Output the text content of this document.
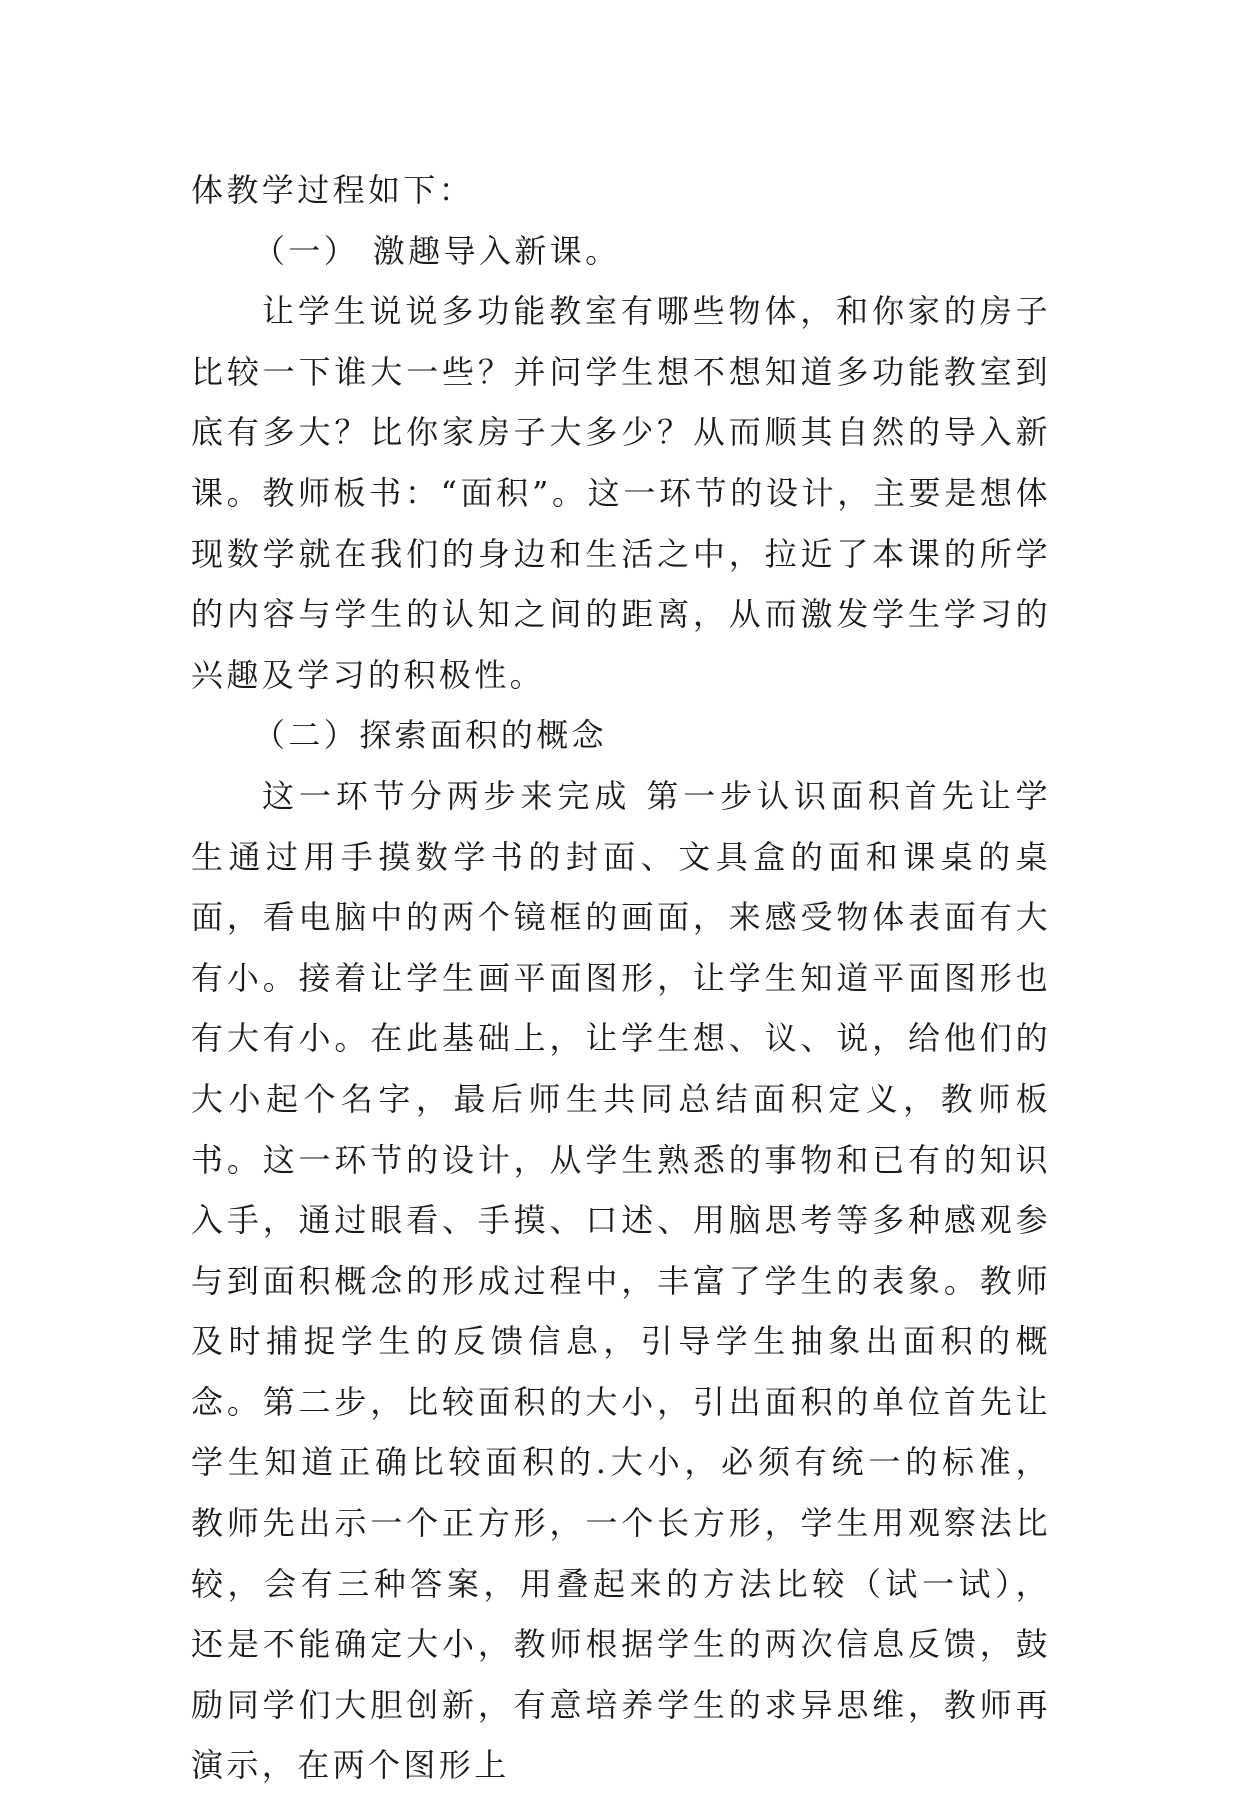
体教学过程如下：

（一） 激趣导入新课。

让学生说说多功能教室有哪些物体，和你家的房子比较一下谁大一些？并问学生想不想知道多功能教室到底有多大？比你家房子大多少？从而顺其自然的导入新课。教师板书：“面积”。这一环节的设计，主要是想体现数学就在我们的身边和生活之中，拉近了本课的所学的内容与学生的认知之间的距离，从而激发学生学习的兴趣及学习的积极性。

（二）探索面积的概念

这一环节分两步来完成 第一步认识面积首先让学生通过用手摸数学书的封面、文具盒的面和课桌的桌面，看电脑中的两个镜框的画面，来感受物体表面有大有小。接着让学生画平面图形，让学生知道平面图形也有大有小。在此基础上，让学生想、议、说，给他们的大小起个名字，最后师生共同总结面积定义，教师板书。这一环节的设计，从学生熟悉的事物和已有的知识入手，通过眼看、手摸、口述、用脑思考等多种感观参与到面积概念的形成过程中，丰富了学生的表象。教师及时捕捉学生的反馈信息，引导学生抽象出面积的概念。第二步，比较面积的大小，引出面积的单位首先让学生知道正确比较面积的.大小，必须有统一的标准，教师先出示一个正方形，一个长方形，学生用观察法比较，会有三种答案，用叠起来的方法比较（试一试），还是不能确定大小，教师根据学生的两次信息反馈，鼓励同学们大胆创新，有意培养学生的求异思维，教师再演示，在两个图形上
